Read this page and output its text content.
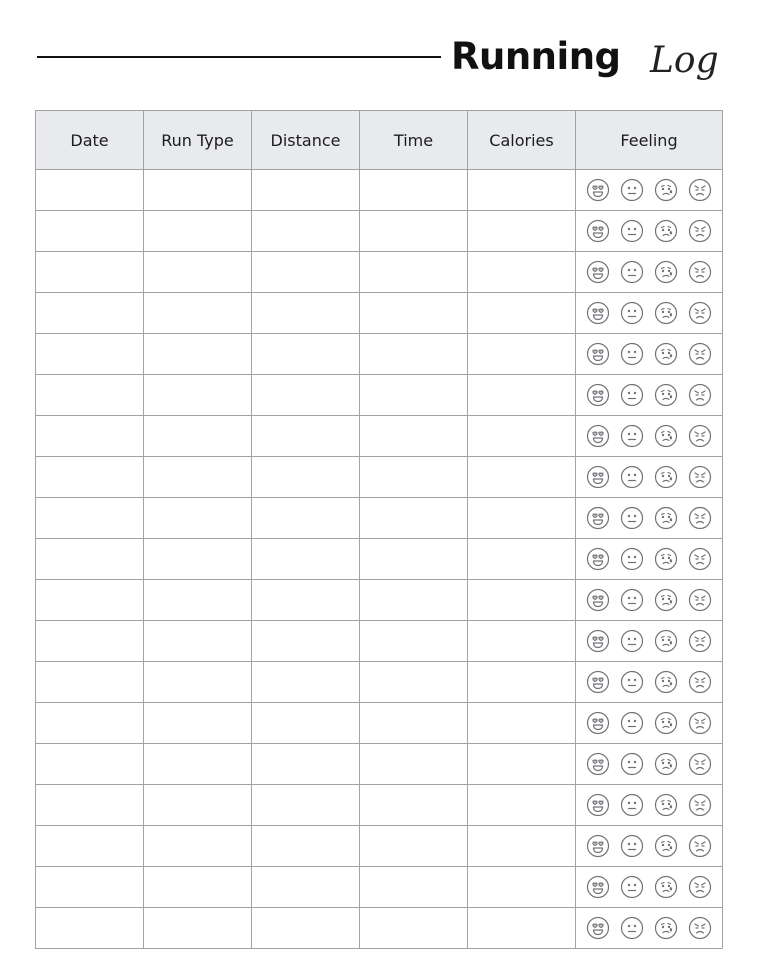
Running Log
Date	Run Type	Distance	Time	Calories	Feeling
